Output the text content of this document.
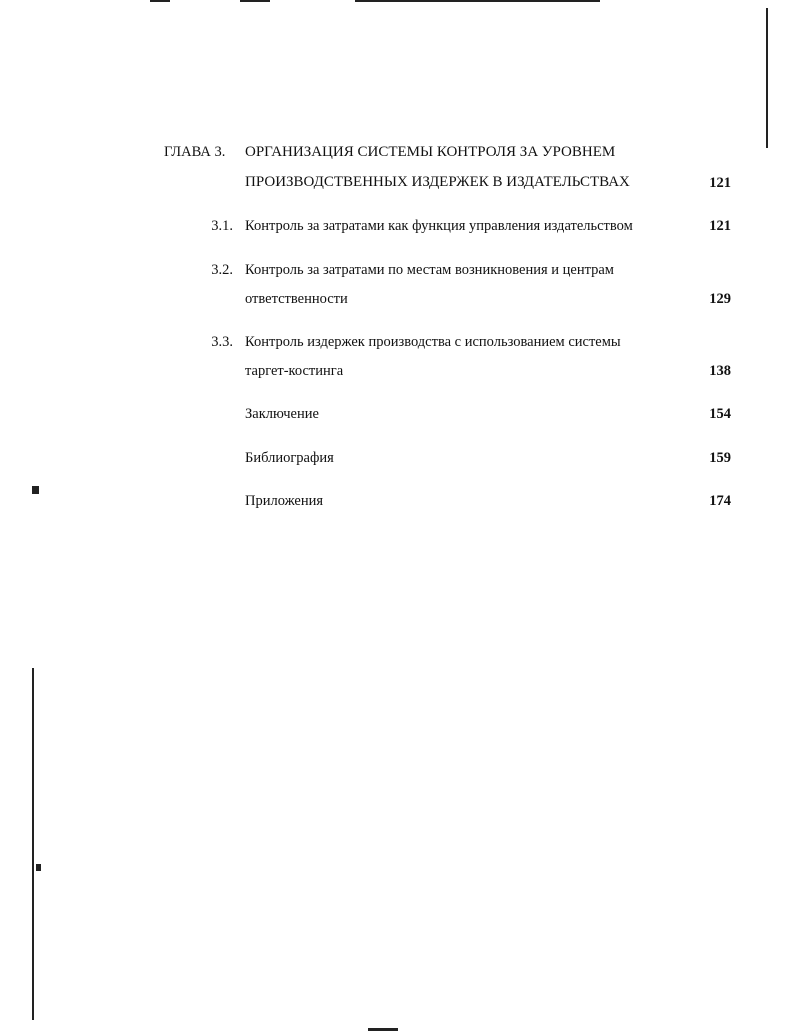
ГЛАВА 3. ОРГАНИЗАЦИЯ СИСТЕМЫ КОНТРОЛЯ ЗА УРОВНЕМ
ПРОИЗВОДСТВЕННЫХ ИЗДЕРЖЕК В ИЗДАТЕЛЬСТВАХ	121
3.1. Контроль за затратами как функция управления издательством	121
3.2. Контроль за затратами по местам возникновения и центрам
ответственности	129
3.3. Контроль издержек производства с использованием системы
таргет-костинга	138
Заключение	154
Библиография	159
Приложения	174
